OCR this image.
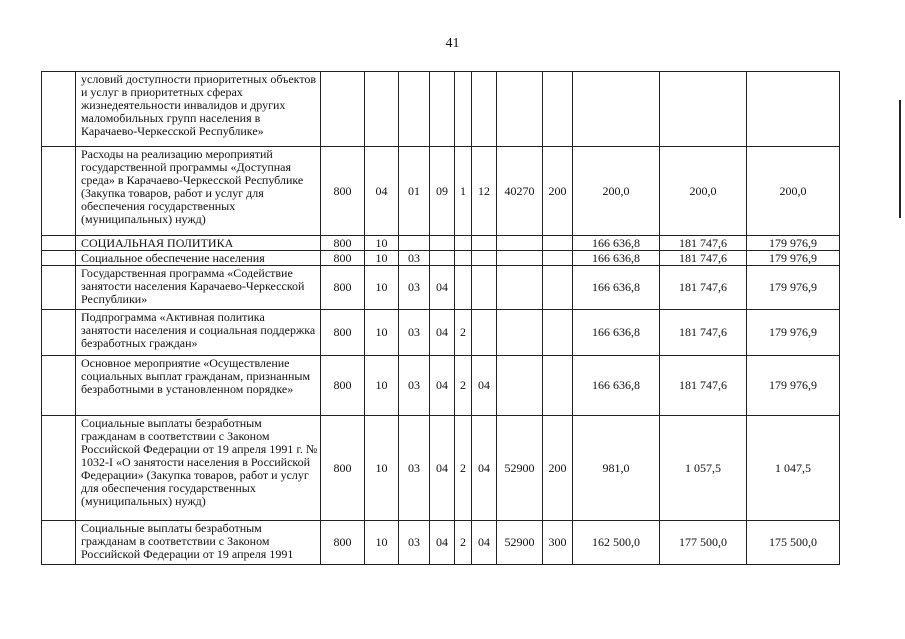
41
	условий доступности приоритетных объектов и услуг в приоритетных сферах жизнедеятельности инвалидов и других маломобильных групп населения в Карачаево-Черкесской Республике»											
	Расходы на реализацию мероприятий государственной программы «Доступная среда» в Карачаево-Черкесской Республике (Закупка товаров, работ и услуг для обеспечения государственных (муниципальных) нужд)	800	04	01	09	1	12	40270	200	200,0	200,0	200,0
	СОЦИАЛЬНАЯ ПОЛИТИКА	800	10							166 636,8	181 747,6	179 976,9
	Социальное обеспечение населения	800	10	03						166 636,8	181 747,6	179 976,9
	Государственная программа «Содействие занятости населения Карачаево-Черкесской Республики»	800	10	03	04					166 636,8	181 747,6	179 976,9
	Подпрограмма «Активная политика занятости населения и социальная поддержка безработных граждан»	800	10	03	04	2				166 636,8	181 747,6	179 976,9
	Основное мероприятие «Осуществление социальных выплат гражданам, признанным безработными в установленном порядке»	800	10	03	04	2	04			166 636,8	181 747,6	179 976,9
	Социальные выплаты безработным гражданам в соответствии с Законом Российской Федерации от 19 апреля 1991 г. № 1032-I «О занятости населения в Российской Федерации» (Закупка товаров, работ и услуг для обеспечения государственных (муниципальных) нужд)	800	10	03	04	2	04	52900	200	981,0	1 057,5	1 047,5
	Социальные выплаты безработным гражданам в соответствии с Законом Российской Федерации от 19 апреля 1991	800	10	03	04	2	04	52900	300	162 500,0	177 500,0	175 500,0
